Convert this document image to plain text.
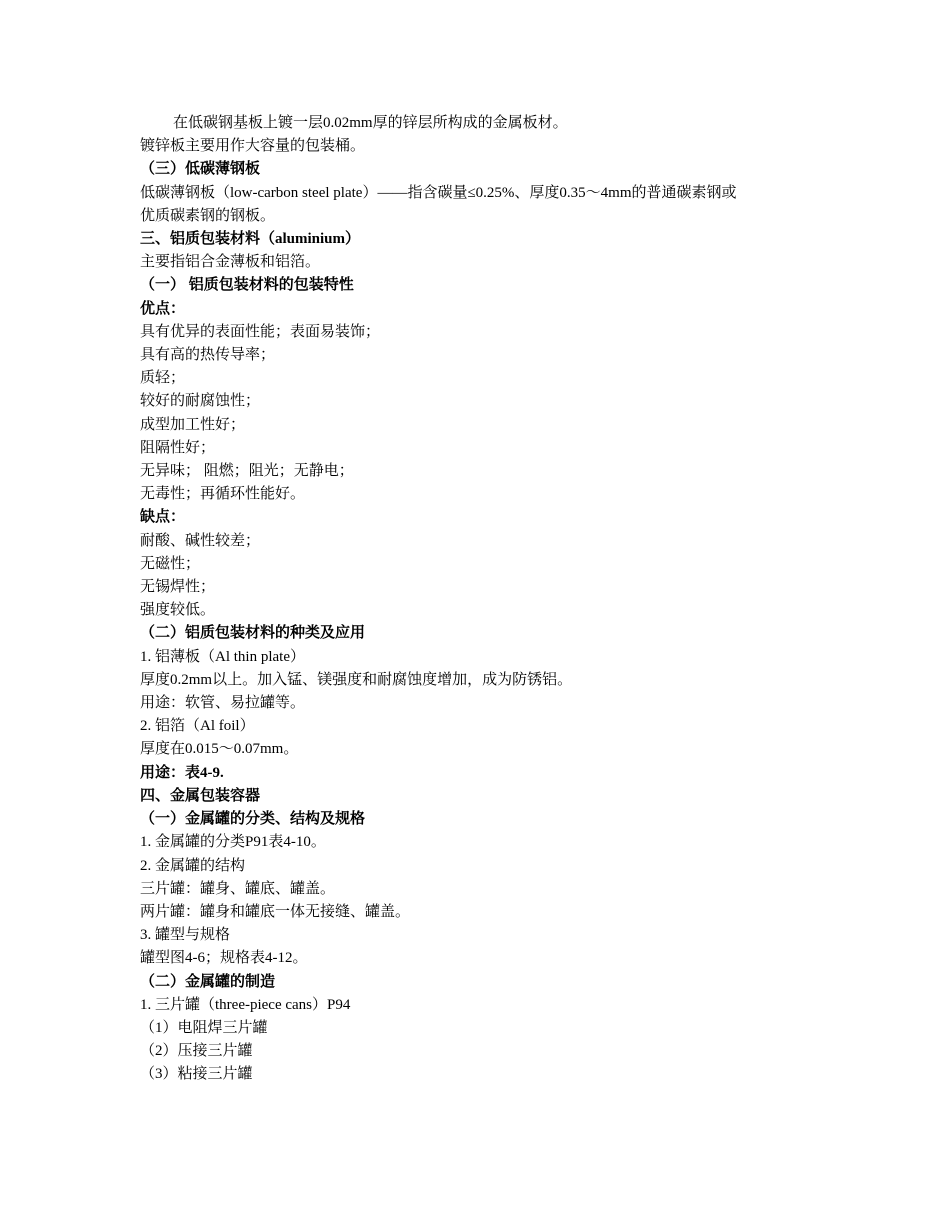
在低碳钢基板上镀一层0.02mm厚的锌层所构成的金属板材。
镀锌板主要用作大容量的包装桶。
（三）低碳薄钢板
低碳薄钢板（low-carbon steel plate）——指含碳量≤0.25%、厚度0.35～4mm的普通碳素钢或
优质碳素钢的钢板。
三、铝质包装材料（aluminium）
主要指铝合金薄板和铝箔。
（一） 铝质包装材料的包装特性
优点：
具有优异的表面性能；表面易装饰；
具有高的热传导率；
质轻；
较好的耐腐蚀性；
成型加工性好；
阻隔性好；
无异味； 阻燃；阻光；无静电；
无毒性；再循环性能好。
缺点：
耐酸、碱性较差；
无磁性；
无锡焊性；
强度较低。
（二）铝质包装材料的种类及应用
1. 铝薄板（Al thin plate）
厚度0.2mm以上。加入锰、镁强度和耐腐蚀度增加，成为防锈铝。
用途：软管、易拉罐等。
2. 铝箔（Al foil）
厚度在0.015～0.07mm。
用途：表4-9.
四、金属包装容器
（一）金属罐的分类、结构及规格
1. 金属罐的分类P91表4-10。
2. 金属罐的结构
三片罐：罐身、罐底、罐盖。
两片罐：罐身和罐底一体无接缝、罐盖。
3. 罐型与规格
罐型图4-6；规格表4-12。
（二）金属罐的制造
1. 三片罐（three-piece cans）P94
（1）电阻焊三片罐
（2）压接三片罐
（3）粘接三片罐
